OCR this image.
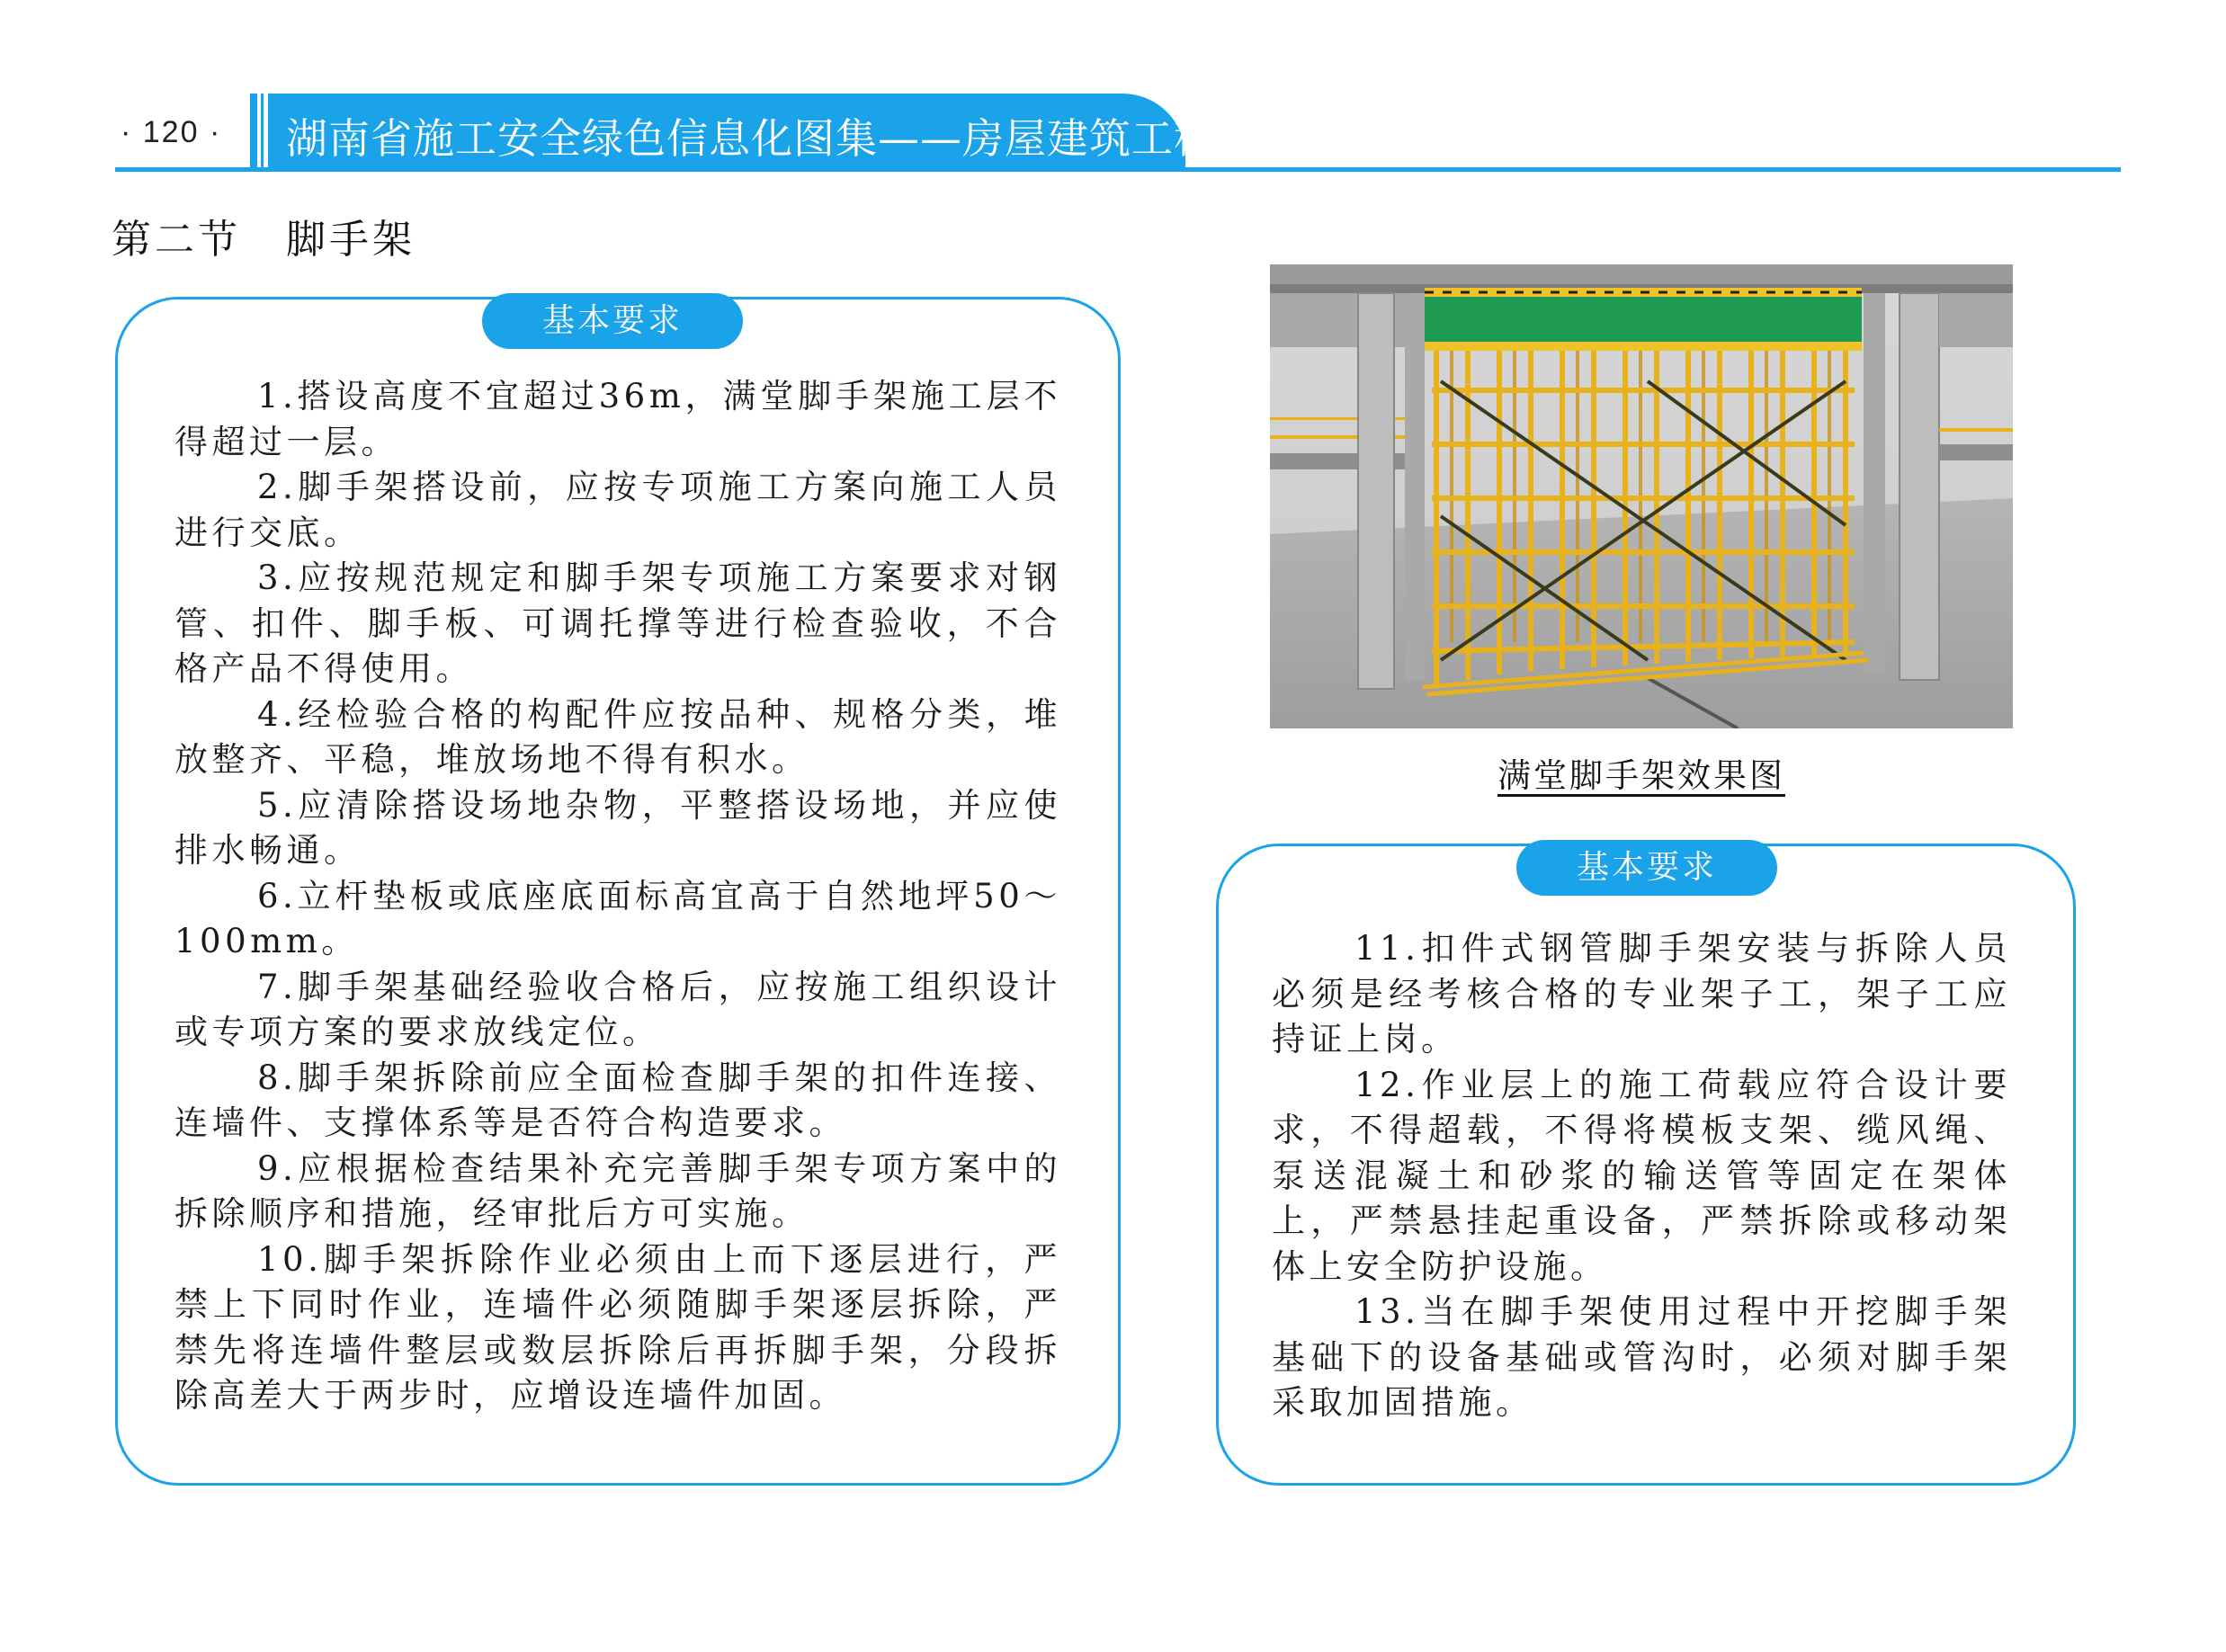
· 120 · 湖南省施工安全绿色信息化图集——房屋建筑工程
第二节 脚手架
基本要求
1.搭设高度不宜超过36m，满堂脚手架施工层不得超过一层。
2.脚手架搭设前，应按专项施工方案向施工人员进行交底。
3.应按规范规定和脚手架专项施工方案要求对钢管、扣件、脚手板、可调托撑等进行检查验收，不合格产品不得使用。
4.经检验合格的构配件应按品种、规格分类，堆放整齐、平稳，堆放场地不得有积水。
5.应清除搭设场地杂物，平整搭设场地，并应使排水畅通。
6.立杆垫板或底座底面标高宜高于自然地坪50～100mm。
7.脚手架基础经验收合格后，应按施工组织设计或专项方案的要求放线定位。
8.脚手架拆除前应全面检查脚手架的扣件连接、连墙件、支撑体系等是否符合构造要求。
9.应根据检查结果补充完善脚手架专项方案中的拆除顺序和措施，经审批后方可实施。
10.脚手架拆除作业必须由上而下逐层进行，严禁上下同时作业，连墙件必须随脚手架逐层拆除，严禁先将连墙件整层或数层拆除后再拆脚手架，分段拆除高差大于两步时，应增设连墙件加固。
满堂脚手架效果图
基本要求
11.扣件式钢管脚手架安装与拆除人员必须是经考核合格的专业架子工，架子工应持证上岗。
12.作业层上的施工荷载应符合设计要求，不得超载，不得将模板支架、缆风绳、泵送混凝土和砂浆的输送管等固定在架体上，严禁悬挂起重设备，严禁拆除或移动架体上安全防护设施。
13.当在脚手架使用过程中开挖脚手架基础下的设备基础或管沟时，必须对脚手架采取加固措施。
